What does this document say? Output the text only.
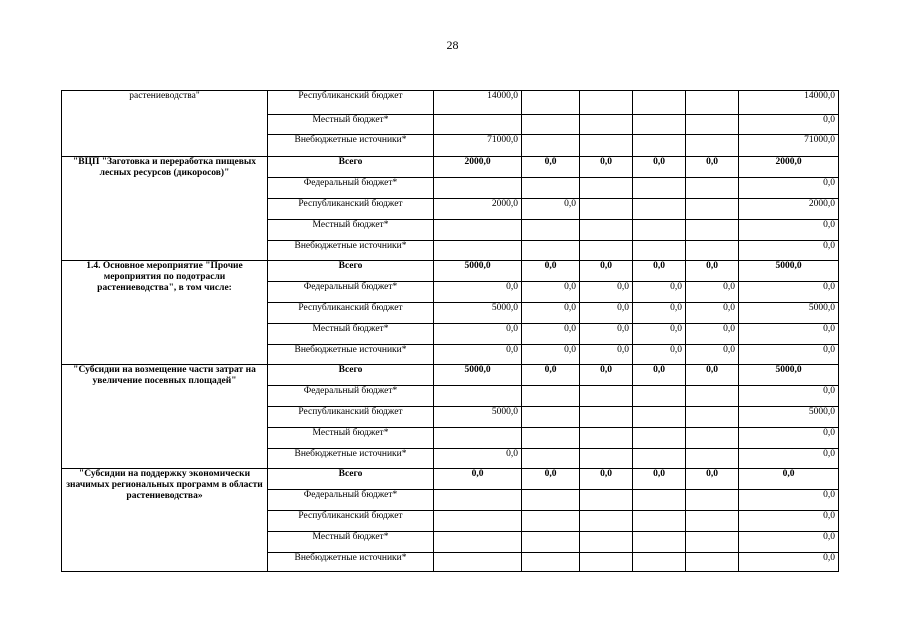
28
растениеводства"	Республиканский бюджет	14000,0					14000,0
	Местный бюджет*						0,0
	Внебюджетные источники*	71000,0					71000,0
"ВЦП "Заготовка и переработка пищевых лесных ресурсов (дикоросов)"	Всего	2000,0	0,0	0,0	0,0	0,0	2000,0
	Федеральный бюджет*						0,0
	Республиканский бюджет	2000,0	0,0				2000,0
	Местный бюджет*						0,0
	Внебюджетные источники*						0,0
1.4. Основное мероприятие "Прочие мероприятия по подотрасли растениеводства", в том числе:	Всего	5000,0	0,0	0,0	0,0	0,0	5000,0
	Федеральный бюджет*	0,0	0,0	0,0	0,0	0,0	0,0
	Республиканский бюджет	5000,0	0,0	0,0	0,0	0,0	5000,0
	Местный бюджет*	0,0	0,0	0,0	0,0	0,0	0,0
	Внебюджетные источники*	0,0	0,0	0,0	0,0	0,0	0,0
"Субсидии на возмещение части затрат на увеличение посевных площадей"	Всего	5000,0	0,0	0,0	0,0	0,0	5000,0
	Федеральный бюджет*						0,0
	Республиканский бюджет	5000,0					5000,0
	Местный бюджет*						0,0
	Внебюджетные источники*	0,0					0,0
"Субсидии на поддержку экономически значимых региональных программ в области растениеводства»	Всего	0,0	0,0	0,0	0,0	0,0	0,0
	Федеральный бюджет*						0,0
	Республиканский бюджет						0,0
	Местный бюджет*						0,0
	Внебюджетные источники*						0,0
